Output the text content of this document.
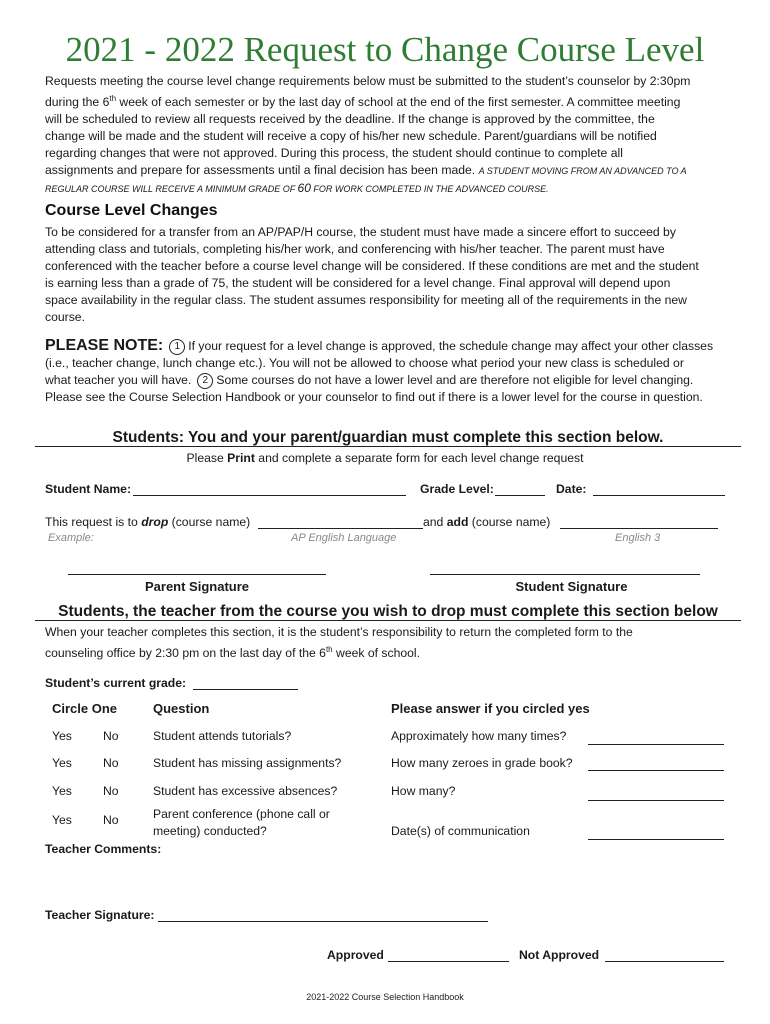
2021 - 2022 Request to Change Course Level
Requests meeting the course level change requirements below must be submitted to the student’s counselor by 2:30pm
during the 6th week of each semester or by the last day of school at the end of the first semester. A committee meeting
will be scheduled to review all requests received by the deadline. If the change is approved by the committee, the
change will be made and the student will receive a copy of his/her new schedule. Parent/guardians will be notified
regarding changes that were not approved. During this process, the student should continue to complete all
assignments and prepare for assessments until a final decision has been made. A STUDENT MOVING FROM AN ADVANCED TO A
REGULAR COURSE WILL RECEIVE A MINIMUM GRADE OF 60 FOR WORK COMPLETED IN THE ADVANCED COURSE.
Course Level Changes
To be considered for a transfer from an AP/PAP/H course, the student must have made a sincere effort to succeed by
attending class and tutorials, completing his/her work, and conferencing with his/her teacher. The parent must have
conferenced with the teacher before a course level change will be considered. If these conditions are met and the student
is earning less than a grade of 75, the student will be considered for a level change. Final approval will depend upon
space availability in the regular class. The student assumes responsibility for meeting all of the requirements in the new
course.
PLEASE NOTE: 1 If your request for a level change is approved, the schedule change may affect your other classes
(i.e., teacher change, lunch change etc.). You will not be allowed to choose what period your new class is scheduled or
what teacher you will have. 2 Some courses do not have a lower level and are therefore not eligible for level changing.
Please see the Course Selection Handbook or your counselor to find out if there is a lower level for the course in question.
Students: You and your parent/guardian must complete this section below.
Please Print and complete a separate form for each level change request
Student Name:	Grade Level:	Date:
This request is to drop (course name)	and add (course name)
Example:	AP English Language	English 3
Parent Signature	Student Signature
Students, the teacher from the course you wish to drop must complete this section below
When your teacher completes this section, it is the student’s responsibility to return the completed form to the
counseling office by 2:30 pm on the last day of the 6th week of school.
Student’s current grade:
Circle One	Question	Please answer if you circled yes
Yes	No	Student attends tutorials?	Approximately how many times?
Yes	No	Student has missing assignments?	How many zeroes in grade book?
Yes	No	Student has excessive absences?	How many?
Yes	No	Parent conference (phone call or meeting) conducted?	Date(s) of communication
Teacher Comments:
Teacher Signature:
Approved	Not Approved
2021-2022 Course Selection Handbook
